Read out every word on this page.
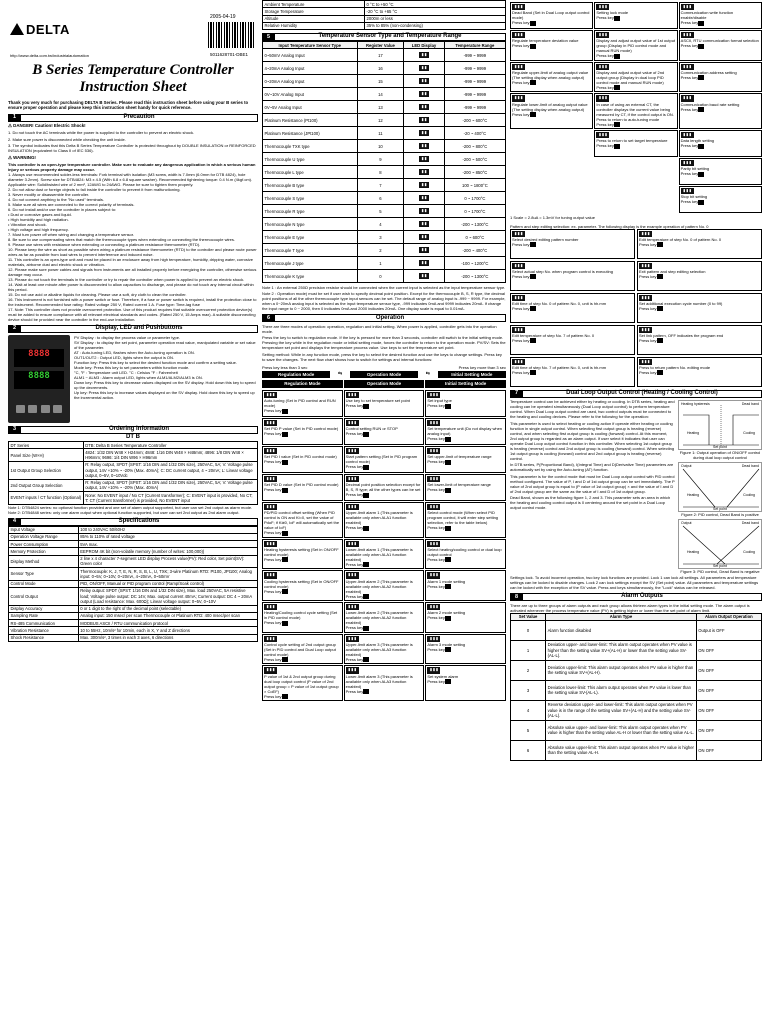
DELTA
http://www.delta.com.tw/industrialautomation
2005-04-19
5011628701-DBE1
B Series Temperature Controller
Instruction Sheet
Thank you very much for purchasing DELTA B Series. Please read this instruction sheet before using your B series to ensure proper operation and please keep this instruction sheet handy for quick reference.
1	Precaution
⚠ DANGER! Caution! Electric Shock!
1. Do not touch the AC terminals while the power is supplied to the controller to prevent an electric shock.
2. Make sure power is disconnected while checking the unit inside.
3. The symbol indicates that this Delta B Series Temperature Controller is protected throughout by DOUBLE INSULATION or REINFORCED INSULATION (equivalent to Class II of IEC 536).
⚠ WARNING!
This controller is an open-type temperature controller. Make sure to evaluate any dangerous application in which a serious human injury or serious property damage may occur.
1. Always use recommended solder-less terminals: Fork terminal with isolation (M3 screw, width is 7.0mm (6.0mm for DTB 4824), hole diameter 3.2mm). Screw size for DTB4824: M3 x 4.5 (With 6.8 x 6.8 square washer). Recommended tightening torque: 0.4 N.m (4kgf.cm). Applicable wire: Solid/twisted wire of 2 mm², 12AWG to 24AWG. Please be sure to tighten them properly.
2. Do not allow dust or foreign objects to fall inside the controller to prevent it from malfunctioning.
3. Never modify or disassemble the controller.
4. Do not connect anything to the "No used" terminals.
5. Make sure all wires are connected to the correct polarity of terminals.
6. Do not install and/or use the controller in places subject to:
• Dust or corrosive gases and liquid.
• High humidity and high radiation.
• Vibration and shock.
• High voltage and high frequency.
7. Must turn power off when wiring and changing a temperature sensor.
8. Be sure to use compensating wires that match the thermocouple types when extending or connecting the thermocouple wires.
9. Please use wires with resistance when extending or connecting a platinum resistance thermometer (RTD).
10. Please keep the wire as short as possible when wiring a platinum resistance thermometer (RTD) to the controller and please route power wires as far as possible from load wires to prevent interference and induced noise.
11. This controller is an open-type unit and must be placed in an enclosure away from high temperature, humidity, dripping water, corrosive materials, airborne dust and electric shock or vibration.
12. Please make sure power cables and signals from instruments are all installed properly before energizing the controller, otherwise serious damage may occur.
13. Please do not touch the terminals in the controller or try to repair the controller when power is applied to prevent an electric shock.
14. Wait at least one minute after power is disconnected to allow capacitors to discharge, and please do not touch any internal circuit within this period.
15. Do not use acid or alkaline liquids for cleaning. Please use a soft, dry cloth to clean the controller.
16. This instrument is not furnished with a power switch or fuse. Therefore, if a fuse or power switch is required, install the protection close to the instrument. Recommended fuse rating: Rated voltage 250 V, Rated current 1 A. Fuse type: Time-lag fuse
17. Note: This controller does not provide overcurrent protection. Use of this product requires that suitable overcurrent protection device(s) must be added to ensure compliance with all relevant electrical standards and codes. (Rated 250 V, 15 Amps max). A suitable disconnecting device should be provided near the controller in the end-use installation.
2	Display, LED and Pushbuttons
8888
8888
PV Display : to display the process value or parameter type.
SV Display : to display the set point, parameter operation read value, manipulated variable or set value of the parameter.
AT : Auto-tuning LED, flashes when the Auto-tuning operation is ON.
OUT1/OUT2 : Output LED, lights when the output is ON.
Function key: Press this key to select the desired function mode and confirm a setting value.
Mode key: Press this key to set parameters within function mode.
°C, °F : Temperature unit LED. °C : Celsius °F : Fahrenheit
ALM1 ~ ALM3 : Alarm output LED, lights when ALM1/ALM2/ALM3 is ON.
Down key: Press this key to decrease values displayed on the SV display. Hold down this key to speed up the decrements.
Up key: Press this key to increase values displayed on the SV display. Hold down this key to speed up the incremental action.
3	Ordering Information
DT B
DT Series	DTB: Delta B Series Temperature Controller
Panel Size (W×H)	4824: 1/32 DIN W48 × H24mm; 4848: 1/16 DIN W48 × H48mm; 4896: 1/8 DIN W48 × H96mm; 9696: 1/4 DIN W96 × H96mm
1st Output Group Selection	R: Relay output, SPDT (SPST: 1/16 DIN and 1/32 DIN size), 250VAC, 5A; V: Voltage pulse output, 14V +10% ~ -20% (Max. 40mA); C: DC current output, 4 ~ 20mA; L: Linear voltage output, 0~5V, 0~10Vdc
2nd Output Group Selection	R: Relay output, SPDT (SPST: 1/16 DIN and 1/32 DIN size), 250VAC, 5A; V: Voltage pulse output, 14V +10% ~ -20% (Max. 40mA)
EVENT inputs / CT function (Optional)	None: No EVENT input / No CT (Current transformer); C: EVENT input is provided, No CT; T: CT (Current transformer) is provided, No EVENT input
Note 1: DTB4824 series: no optional function provided and one set of alarm output supported, but user can set 2nd output as alarm mode. Note 2: DTB4848 series: only one alarm output when optional function supported, but user can set 2nd output as 2nd alarm output.
4	Specifications
Input Voltage	100 to 240VAC 50/60Hz
Operation Voltage Range	85% to 110% of rated voltage
Power Consumption	5VA max.
Memory Protection	EEPROM 4K bit (non-volatile memory (number of writes: 100,000))
Display Method	2 line x 4 character 7-segment LED display Process value(PV): Red color, Set point(SV): Green color
Sensor Type	Thermocouple: K, J, T, E, N, R, S, B, L, U, TXK; 3-wire Platinum RTD: Pt100, JPt100; Analog input: 0~5V, 0~10V, 0~20mA, 4~20mA, 0~50mV
Control Mode	PID, ON/OFF, Manual or PID program control (Ramp/Soak control)
Control Output	Relay output: SPDT (SPST: 1/16 DIN and 1/32 DIN size), Max. load 250VAC, 5A resistive load; Voltage pulse output: DC 14V, Max. output current 40mA; Current output: DC 4 ~ 20mA output (Load resistance: Max. 600Ω); Linear voltage output: 0~5V, 0~10V
Display Accuracy	0 or 1 digit to the right of the decimal point (selectable)
Sampling Rate	Analog input: 150 msec/ per scan Thermocouple or Platinum RTD: 400 msec/per scan
RS-485 Communication	MODBUS ASCII / RTU communication protocol
Vibration Resistance	10 to 55Hz, 10m/s² for 10min, each in X, Y and Z directions
Shock Resistance	Max. 300m/s², 3 times in each 3 axes, 6 directions
Ambient Temperature	0 °C to +50 °C
Storage Temperature	-20 °C to +65 °C
Altitude	2000m or less
Relative Humidity	35% to 85% (non-condensing)
5	Temperature Sensor Type and Temperature Range
Input Temperature Sensor Type	Register Value	LED Display	Temperature Range
0~50mV Analog Input	17	▮▮	-999 ~ 9999
4~20mA Analog Input	16	▮▮	-999 ~ 9999
0~20mA Analog Input	15	▮▮	-999 ~ 9999
0V~10V Analog Input	14	▮▮	-999 ~ 9999
0V~5V Analog Input	13	▮▮	-999 ~ 9999
Platinum Resistance (Pt100)	12	▮▮	-200 ~ 600°C
Platinum Resistance (JPt100)	11	▮▮	-20 ~ 400°C
Thermocouple TXK type	10	▮▮	-200 ~ 800°C
Thermocouple U type	9	▮▮	-200 ~ 500°C
Thermocouple L type	8	▮▮	-200 ~ 850°C
Thermocouple B type	7	▮▮	100 ~ 1800°C
Thermocouple S type	6	▮▮	0 ~ 1700°C
Thermocouple R type	5	▮▮	0 ~ 1700°C
Thermocouple N type	4	▮▮	-200 ~ 1300°C
Thermocouple E type	3	▮▮	0 ~ 600°C
Thermocouple T type	2	▮▮	-200 ~ 400°C
Thermocouple J type	1	▮▮	-100 ~ 1200°C
Thermocouple K type	0	▮▮	-200 ~ 1300°C
Note 1 : An external 250Ω precision resistor should be connected when the current input is selected as the input temperature sensor type.
Note 2 : Operation mode) must be set if user wish to specify decimal point position. Except for the thermocouple B, S, R type, the decimal point positions of all the other thermocouple type input sensors can be set. The default range of analog input is -999 ~ 9999. For example, when a 0~20mA analog input is selected as the input temperature sensor type, -999 indicates 0mA and 9999 indicates 20mA. If change the input range to 0 ~ 2000, then 0 indicates 0mA and 2000 indicates 20mA. One display scale is equal to 0.01mA.
6	Operation
There are three modes of operation: operation, regulation and initial setting. When power is applied, controller gets into the operation mode.
Press the key to switch to regulation mode. If the key is pressed for more than 3 seconds, controller will switch to the initial setting mode. Pressing the key while in the regulation mode or initial setting mode, forces the controller to return to the operation mode. PV/SV: Sets the temperature set point and displays the temperature process value. Use keys to set the temperature set point.
Setting method: While in any function mode, press the key to select the desired function and use the keys to change settings. Press key to save the changes. The next flow chart shows how to switch for settings and internal functions:
Press key less than 3 sec	Press key more than 3 sec
Regulation Mode	⇆	Operation Mode	⇆	Initial Setting Mode
Regulation Mode	Operation Mode	Initial Setting Mode
▮▮▮
Auto-tuning (Set in PID control and RUN mode)
Press key
▮▮▮
Use key to set temperature set point
Press key
▮▮▮
Set input type
Press key
▮▮▮
Set PID P value (Set in PID control mode)
Press key
▮▮▮
Control setting RUN or STOP
Press key
▮▮▮
Set temperature unit (Do not display when analog input)
Press key
▮▮▮
Set PID I value (Set in PID control mode)
Press key
▮▮▮
Start pattern setting (Set in PID program control mode)
Press key
▮▮▮
Set upper-limit of temperature range
Press key
▮▮▮
Set PID D value (Set in PID control mode)
Press key
▮▮▮
Decimal point position selection except for B, S, R type; all the other types can be set
Press key
▮▮▮
Set lower-limit of temperature range
Press key
▮▮▮
PD/PID control offset setting (When PID control is ON and Ki=0, set the value of PdoF; if Ki≠0, IoF will automatically set the value of IoF)
Press key
▮▮▮
Upper-limit alarm 1 (This parameter is available only when ALA1 function enabled)
Press key
▮▮▮
Select control mode (When select PID program control, it will enter step setting selection, refer to the table below)
Press key
▮▮▮
Heating hysteresis setting (Set in ON/OFF control mode)
Press key
▮▮▮
Lower-limit alarm 1 (This parameter is available only when ALA1 function enabled)
Press key
▮▮▮
Select heating/cooling control or dual loop output control
Press key
▮▮▮
Cooling hysteresis setting (Set in ON/OFF control mode)
Press key
▮▮▮
Upper-limit alarm 2 (This parameter is available only when ALA2 function enabled)
Press key
▮▮▮
Alarm 1 mode setting
Press key
▮▮▮
Heating/Cooling control cycle setting (Set in PID control mode)
Press key
▮▮▮
Lower-limit alarm 2 (This parameter is available only when ALA2 function enabled)
Press key
▮▮▮
Alarm 2 mode setting
Press key
▮▮▮
Control cycle setting of 2nd output group (Set in PID control and Dual Loop output control mode)
Press key
▮▮▮
Upper-limit alarm 3 (This parameter is available only when ALA3 function enabled)
Press key
▮▮▮
Alarm 3 mode setting
Press key
▮▮▮
P value of 1st & 2nd output group during dual loop output control (P value of 2nd output group = P value of 1st output group × CoEF)
Press key
▮▮▮
Lower-limit alarm 3 (This parameter is available only when ALA3 function enabled)
Press key
▮▮▮
Set system alarm
Press key
▮▮▮
Dead Band (Set in Dual Loop output control mode)
Press key
▮▮▮
Setting lock mode
Press key
▮▮▮
Communication write function enable/disable
Press key
▮▮▮
Regulate temperature deviation value
Press key
▮▮▮
Display and adjust output value of 1st output group (Display in PID control mode and manual RUN mode)
Press key
▮▮▮
ASCII, RTU communication format selection
Press key
▮▮▮
Regulate upper-limit of analog output value (The setting display when analog output)
Press key
▮▮▮
Display and adjust output value of 2nd output group (Display in dual loop PID control mode and manual RUN mode)
Press key
▮▮▮
Communication address setting
Press key
▮▮▮
Regulate lower-limit of analog output value (The setting display when analog output)
Press key
▮▮▮
In case of using an external CT, the controller displays the current value being measured by CT, if the control output is ON. Press to return to auto-tuning mode
Press key
▮▮▮
Communication baud rate setting
Press key
▮▮▮
Press to return to set target temperature
Press key
▮▮▮
Data length setting
Press key
▮▮▮
Parity bit setting
Press key
▮▮▮
Stop bit setting
Press key
1 Scale = 2.8uA = 1.3mV for tuning output value
Pattern and step editing selection: ex. parameter. The following display is the example operation of pattern No. 0
▮▮▮
Select desired editing pattern number
Press key
▮▮▮
Edit temperature of step No. 0 of pattern No. 0
Press key
▮▮▮
Select actual step No. when program control is executing
Press key
▮▮▮
Exit pattern and step editing selection
Press key
▮▮▮
Edit time of step No. 0 of pattern No. 0, unit is hh.mm
Press key
▮▮▮
Set additional execution cycle number (0 to 99)
Press key
▮▮▮
Edit temperature of step No. 7 of pattern No. 0
Press key
▮▮▮
Set link pattern, OFF indicates the program end
Press key
▮▮▮
Edit time of step No. 7 of pattern No. 0, unit is hh.mm
Press key
▮▮▮
Press to return pattern No. editing mode
Press key
7	Dual Loop Output Control (Heating / Cooling Control)
Temperature control can be achieved either by heating or cooling. In DTB series, heating and cooling can be operated simultaneously (Dual Loop output control) to perform temperature control. When Dual Loop output control are used, two control outputs must be connected to the heating and cooling devices. Please refer to the following for the operation:
This parameter is used to select heating or cooling action if operate either heating or cooling function in single output control. When selecting first output group is heating (reverse) control, and when selecting first output group is cooling (forward) control. At this moment, 2nd output group is regarded as an alarm output. If user select it indicates that user can operate Dual Loop output control function in this controller. When selecting 1st output group is heating (reverse) control and 2nd output group is cooling (forward) control. When selecting 1st output group is cooling (forward) control and 2nd output group is heating (reverse) control.
In DTB series, P(Proportional Band), I(Integral Time) and D(Derivative Time) parameters are automatically set by using the Auto-tuning (AT) function.
This parameter is for the control mode that must be Dual Loop output control with PID control method configured. The value of P, I and D of 1st output group can be set immediately. The P value of 2nd output group is equal to (P value of 1st output group) × and the value of I and D of 2nd output group are the same as the value of I and D of 1st output group.
Dead Band, shown as the following figure 1, 2 and 3. This parameter sets an area in which the heating and cooling control output is 0 centering around the set point in a Dual Loop output control mode.
Heating hysteresis	Dead band
Heating	Cooling
Set point
Figure 1: Output operation of ON/OFF control during dual loop output control
Output	Dead band
Heating	Cooling
Set point
Figure 2: PID control, Dead Band is positive
Output	Dead band
Heating	Cooling
Set point
Figure 3: PID control, Dead Band is negative
Settings lock. To avoid incorrect operation, two key lock functions are provided. Lock 1 can lock all settings. All parameters and temperature settings can be locked to disable changes. Lock 2 can lock settings except the SV (Set point) value. All parameters and temperature settings can be locked with the exception of the SV value. Press and keys simultaneously, the "Lock" status can be released.
8	Alarm Outputs
There are up to three groups of alarm outputs and each group allows thirteen alarm types in the initial setting mode. The alarm output is activated whenever the process temperature value (PV) is getting higher or lower than the set point of alarm limit.
Set Value	Alarm Type	Alarm Output Operation
0	Alarm function disabled	Output is OFF
1	Deviation upper- and lower-limit: This alarm output operates when PV value is higher than the setting value SV+(AL-H) or lower than the setting value SV-(AL-L).	ON OFF
2	Deviation upper-limit: This alarm output operates when PV value is higher than the setting value SV+(AL-H).	ON OFF
3	Deviation lower-limit: This alarm output operates when PV value is lower than the setting value SV-(AL-L).	ON OFF
4	Reverse deviation upper- and lower-limit: This alarm output operates when PV value is in the range of the setting value SV+(AL-H) and the setting value SV-(AL-L).	ON OFF
5	Absolute value upper- and lower-limit: This alarm output operates when PV value is higher than the setting value AL-H or lower than the setting value AL-L.	ON OFF
6	Absolute value upper-limit: This alarm output operates when PV value is higher than the setting value AL-H.	ON OFF
